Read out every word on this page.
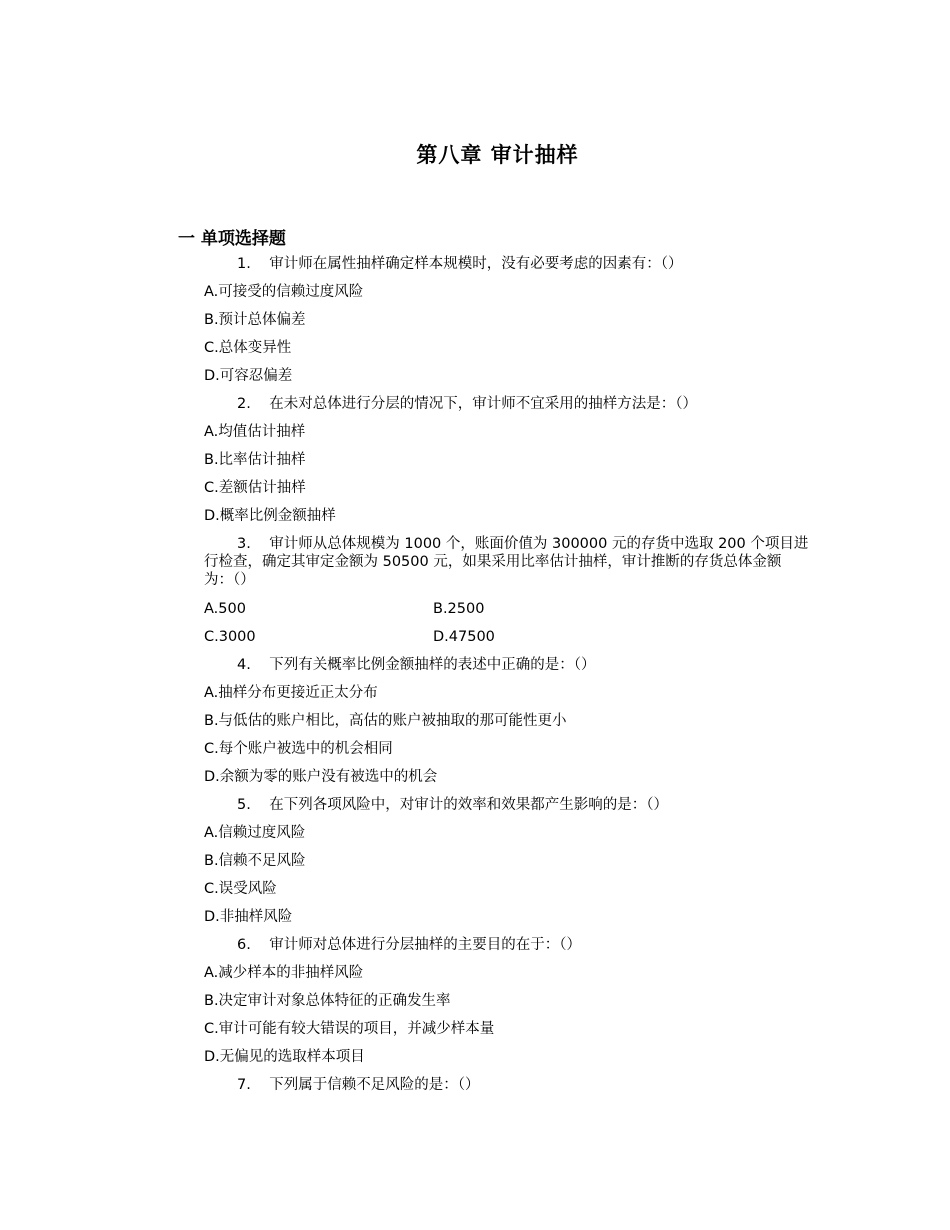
第八章 审计抽样
一 单项选择题
1.    审计师在属性抽样确定样本规模时，没有必要考虑的因素有：（）
A.可接受的信赖过度风险
B.预计总体偏差
C.总体变异性
D.可容忍偏差
2.    在未对总体进行分层的情况下，审计师不宜采用的抽样方法是：（）
A.均值估计抽样
B.比率估计抽样
C.差额估计抽样
D.概率比例金额抽样
3.    审计师从总体规模为 1000 个，账面价值为 300000 元的存货中选取 200 个项目进行检查，确定其审定金额为 50500 元，如果采用比率估计抽样，审计推断的存货总体金额为：（）
A.500	B.2500
C.3000	D.47500
4.    下列有关概率比例金额抽样的表述中正确的是：（）
A.抽样分布更接近正太分布
B.与低估的账户相比，高估的账户被抽取的那可能性更小
C.每个账户被选中的机会相同
D.余额为零的账户没有被选中的机会
5.    在下列各项风险中，对审计的效率和效果都产生影响的是：（）
A.信赖过度风险
B.信赖不足风险
C.误受风险
D.非抽样风险
6.    审计师对总体进行分层抽样的主要目的在于：（）
A.减少样本的非抽样风险
B.决定审计对象总体特征的正确发生率
C.审计可能有较大错误的项目，并减少样本量
D.无偏见的选取样本项目
7.    下列属于信赖不足风险的是：（）
